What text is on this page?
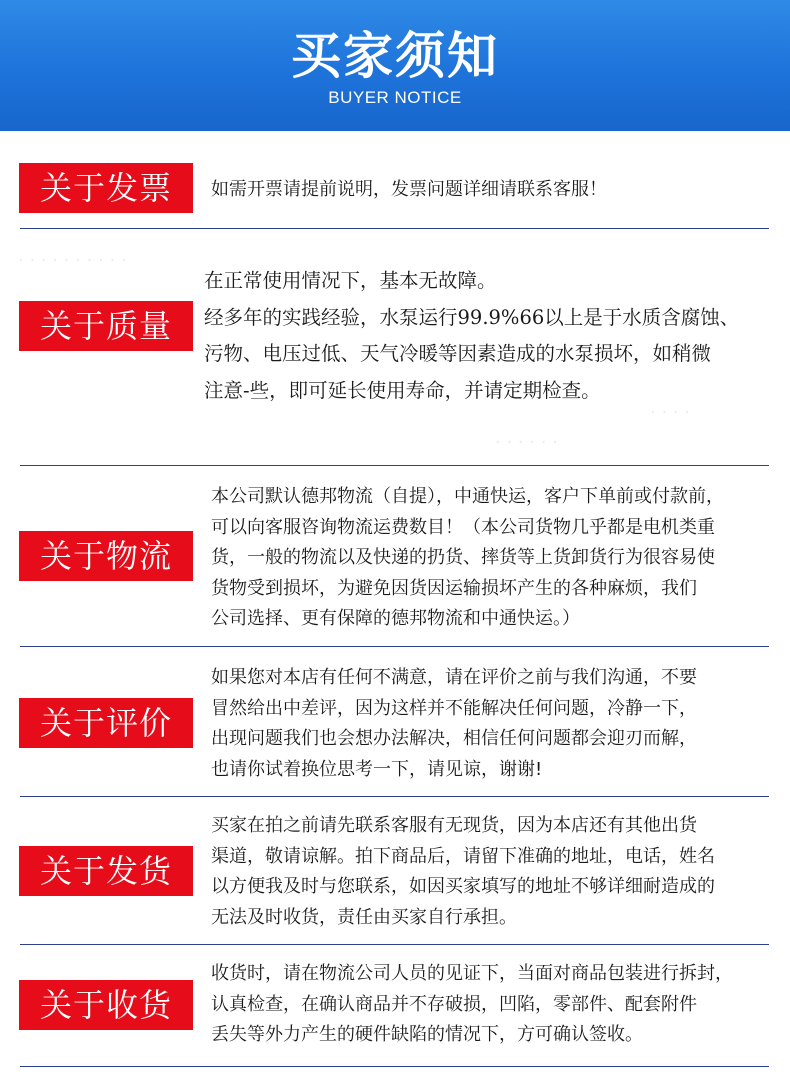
买家须知
BUYER NOTICE
关于发票	如需开票请提前说明，发票问题详细请联系客服！
· · · · · · · · · ·
· · · ·
· · · · · ·
关于质量
在正常使用情况下，基本无故障。
经多年的实践经验，水泵运行99.9%66以上是于水质含腐蚀、
污物、电压过低、天气冷暖等因素造成的水泵损坏，如稍微
注意-些，即可延长使用寿命，并请定期检查。
关于物流
本公司默认德邦物流（自提），中通快运，客户下单前或付款前，
可以向客服咨询物流运费数目！（本公司货物几乎都是电机类重
货，一般的物流以及快递的扔货、摔货等上货卸货行为很容易使
货物受到损坏，为避免因货因运输损坏产生的各种麻烦，我们
公司选择、更有保障的德邦物流和中通快运。）
关于评价
如果您对本店有任何不满意，请在评价之前与我们沟通，不要
冒然给出中差评，因为这样并不能解决任何问题，冷静一下，
出现问题我们也会想办法解决，相信任何问题都会迎刃而解，
也请你试着换位思考一下，请见谅，谢谢!
关于发货
买家在拍之前请先联系客服有无现货，因为本店还有其他出货
渠道，敬请谅解。拍下商品后，请留下准确的地址，电话，姓名
以方便我及时与您联系，如因买家填写的地址不够详细耐造成的
无法及时收货，责任由买家自行承担。
关于收货
收货时，请在物流公司人员的见证下，当面对商品包装进行拆封，
认真检查，在确认商品并不存破损，凹陷，零部件、配套附件
丢失等外力产生的硬件缺陷的情况下，方可确认签收。
